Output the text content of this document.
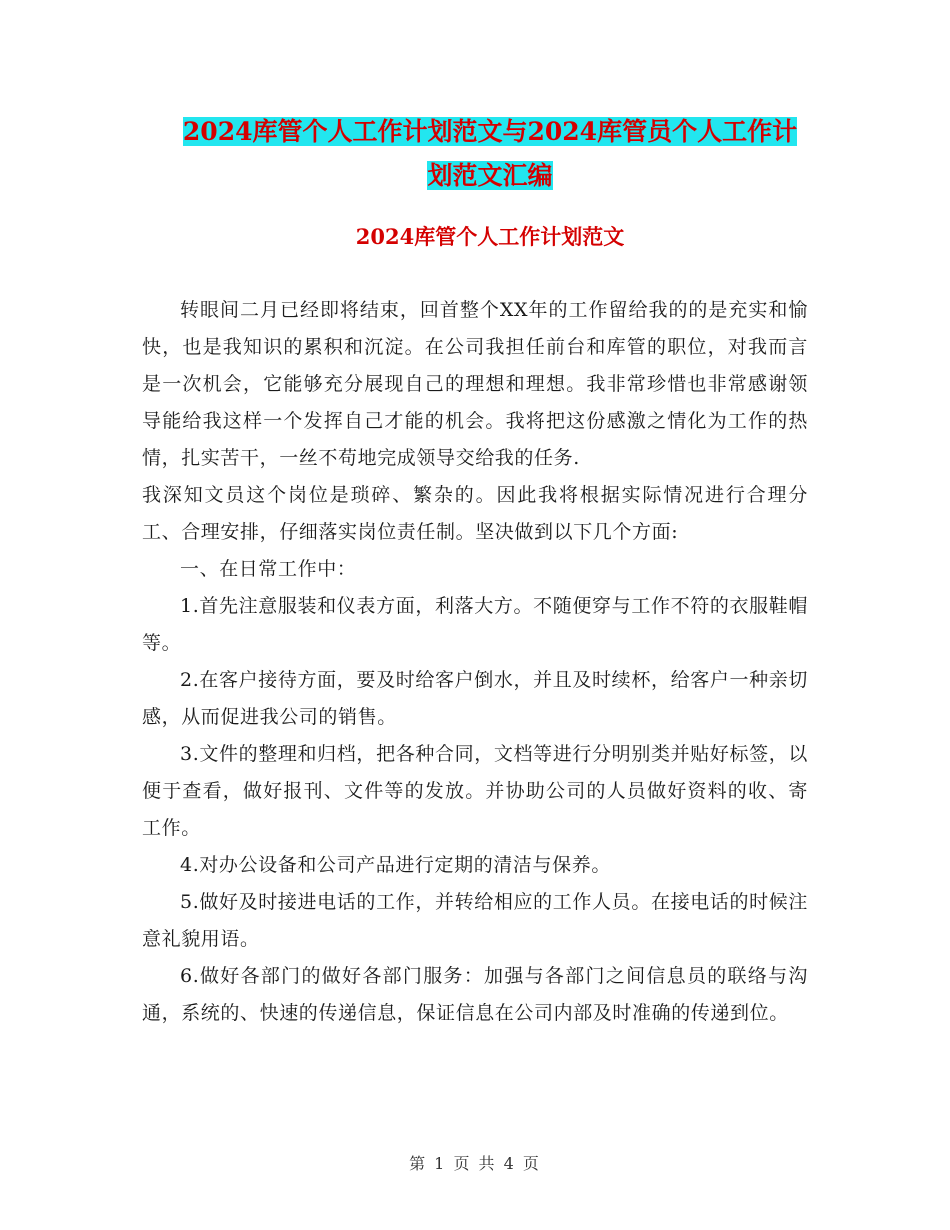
2024库管个人工作计划范文与2024库管员个人工作计
划范文汇编
2024库管个人工作计划范文

转眼间二月已经即将结束，回首整个XX年的工作留给我的的是充实和愉快，也是我知识的累积和沉淀。在公司我担任前台和库管的职位，对我而言是一次机会，它能够充分展现自己的理想和理想。我非常珍惜也非常感谢领导能给我这样一个发挥自己才能的机会。我将把这份感激之情化为工作的热情，扎实苦干，一丝不苟地完成领导交给我的任务.

我深知文员这个岗位是琐碎、繁杂的。因此我将根据实际情况进行合理分工、合理安排，仔细落实岗位责任制。坚决做到以下几个方面:

一、在日常工作中：

1.首先注意服装和仪表方面，利落大方。不随便穿与工作不符的衣服鞋帽等。

2.在客户接待方面，要及时给客户倒水，并且及时续杯，给客户一种亲切感，从而促进我公司的销售。

3.文件的整理和归档，把各种合同，文档等进行分明别类并贴好标签，以便于查看，做好报刊、文件等的发放。并协助公司的人员做好资料的收、寄工作。

4.对办公设备和公司产品进行定期的清洁与保养。

5.做好及时接进电话的工作，并转给相应的工作人员。在接电话的时候注意礼貌用语。

6.做好各部门的做好各部门服务：加强与各部门之间信息员的联络与沟通，系统的、快速的传递信息，保证信息在公司内部及时准确的传递到位。

第 1 页 共 4 页
